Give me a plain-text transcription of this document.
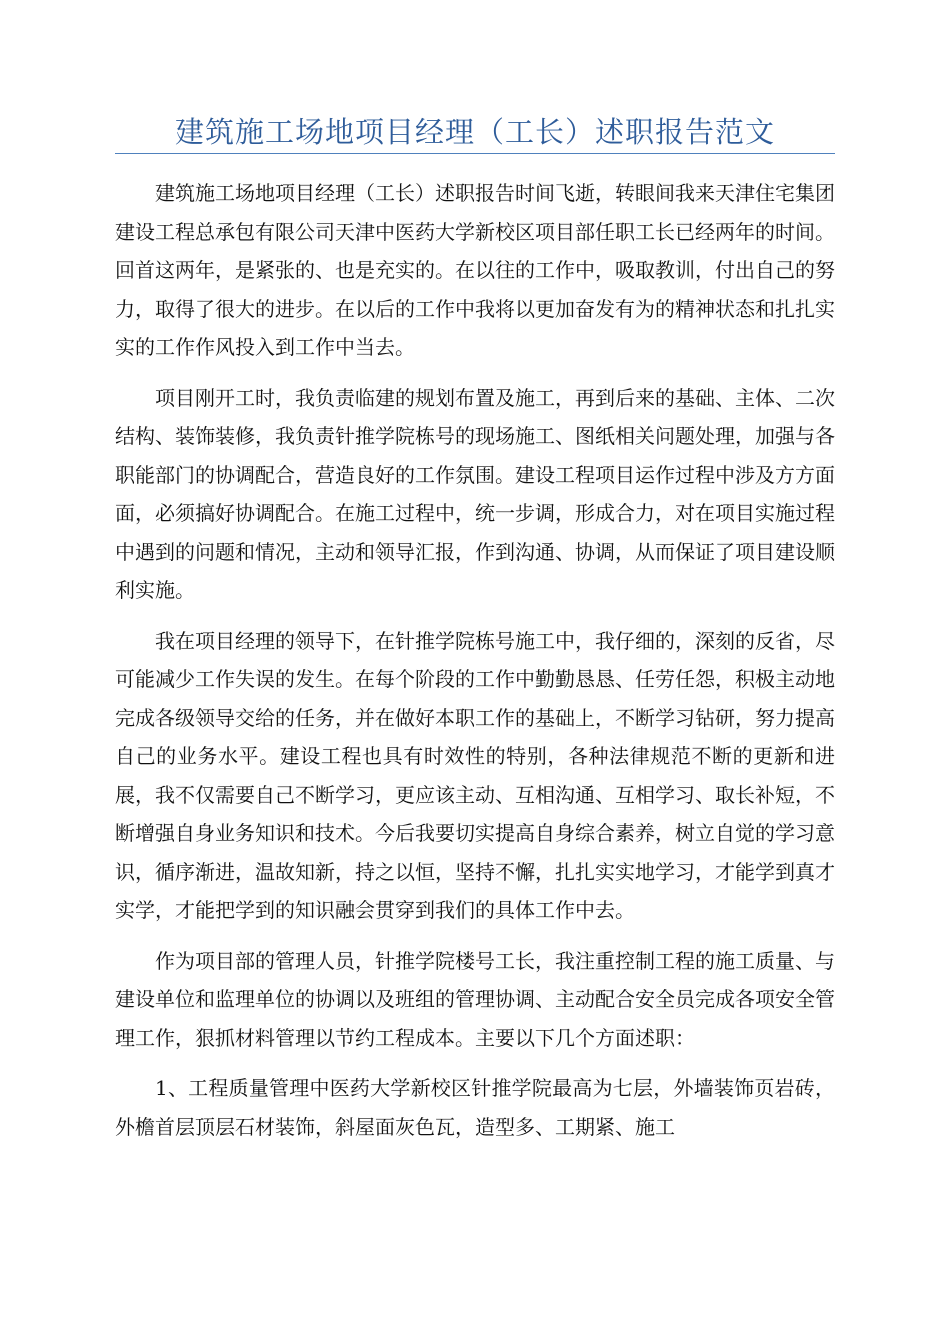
建筑施工场地项目经理（工长）述职报告范文

建筑施工场地项目经理（工长）述职报告时间飞逝，转眼间我来天津住宅集团建设工程总承包有限公司天津中医药大学新校区项目部任职工长已经两年的时间。回首这两年，是紧张的、也是充实的。在以往的工作中，吸取教训，付出自己的努力，取得了很大的进步。在以后的工作中我将以更加奋发有为的精神状态和扎扎实实的工作作风投入到工作中当去。

项目刚开工时，我负责临建的规划布置及施工，再到后来的基础、主体、二次结构、装饰装修，我负责针推学院栋号的现场施工、图纸相关问题处理，加强与各职能部门的协调配合，营造良好的工作氛围。建设工程项目运作过程中涉及方方面面，必须搞好协调配合。在施工过程中，统一步调，形成合力，对在项目实施过程中遇到的问题和情况，主动和领导汇报，作到沟通、协调，从而保证了项目建设顺利实施。

我在项目经理的领导下，在针推学院栋号施工中，我仔细的，深刻的反省，尽可能减少工作失误的发生。在每个阶段的工作中勤勤恳恳、任劳任怨，积极主动地完成各级领导交给的任务，并在做好本职工作的基础上，不断学习钻研，努力提高自己的业务水平。建设工程也具有时效性的特别，各种法律规范不断的更新和进展，我不仅需要自己不断学习，更应该主动、互相沟通、互相学习、取长补短，不断增强自身业务知识和技术。今后我要切实提高自身综合素养，树立自觉的学习意识，循序渐进，温故知新，持之以恒，坚持不懈，扎扎实实地学习，才能学到真才实学，才能把学到的知识融会贯穿到我们的具体工作中去。

作为项目部的管理人员，针推学院楼号工长，我注重控制工程的施工质量、与建设单位和监理单位的协调以及班组的管理协调、主动配合安全员完成各项安全管理工作，狠抓材料管理以节约工程成本。主要以下几个方面述职：

1、工程质量管理中医药大学新校区针推学院最高为七层，外墙装饰页岩砖，外檐首层顶层石材装饰，斜屋面灰色瓦，造型多、工期紧、施工
